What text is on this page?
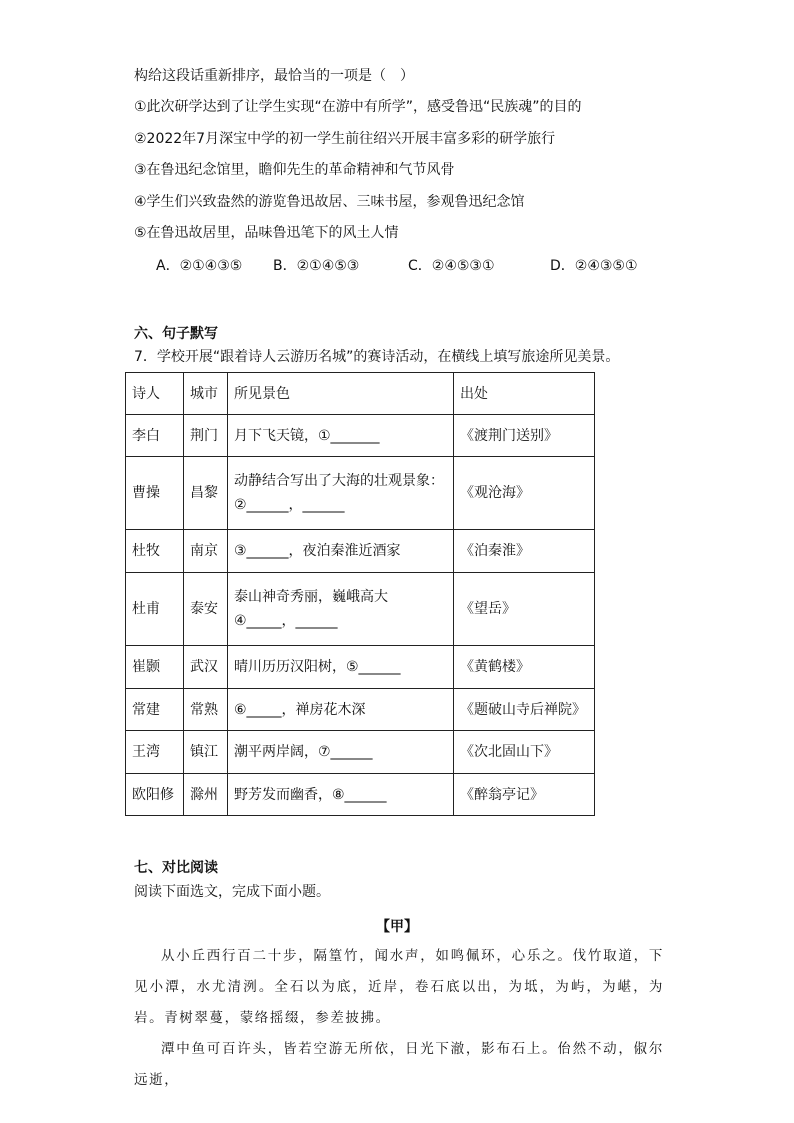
构给这段话重新排序，最恰当的一项是（　）
①此次研学达到了让学生实现“在游中有所学”，感受鲁迅“民族魂”的目的
②2022年7月深宝中学的初一学生前往绍兴开展丰富多彩的研学旅行
③在鲁迅纪念馆里，瞻仰先生的革命精神和气节风骨
④学生们兴致盎然的游览鲁迅故居、三味书屋，参观鲁迅纪念馆
⑤在鲁迅故居里，品味鲁迅笔下的风土人情
A．②①④③⑤ B．②①④⑤③	C．②④⑤③①	D．②④③⑤①
六、句子默写
7．学校开展“跟着诗人云游历名城”的赛诗活动，在横线上填写旅途所见美景。
诗人	城市	所见景色	出处
李白	荆门	月下飞天镜，①_______	《渡荆门送别》
曹操	昌黎	动静结合写出了大海的壮观景象：
②______，______	《观沧海》
杜牧	南京	③______，夜泊秦淮近酒家	《泊秦淮》
杜甫	泰安	泰山神奇秀丽，巍峨高大
④_____，______	《望岳》
崔颢	武汉	晴川历历汉阳树，⑤______	《黄鹤楼》
常建	常熟	⑥_____，禅房花木深	《题破山寺后禅院》
王湾	镇江	潮平两岸阔，⑦______	《次北固山下》
欧阳修	滁州	野芳发而幽香，⑧______	《醉翁亭记》
七、对比阅读
阅读下面选文，完成下面小题。
【甲】

从小丘西行百二十步，隔篁竹，闻水声，如鸣佩环，心乐之。伐竹取道，下见小潭，水尤清洌。全石以为底，近岸，卷石底以出，为坻，为屿，为嵁，为岩。青树翠蔓，蒙络摇缀，参差披拂。

潭中鱼可百许头，皆若空游无所依，日光下澈，影布石上。佁然不动，俶尔远逝，
